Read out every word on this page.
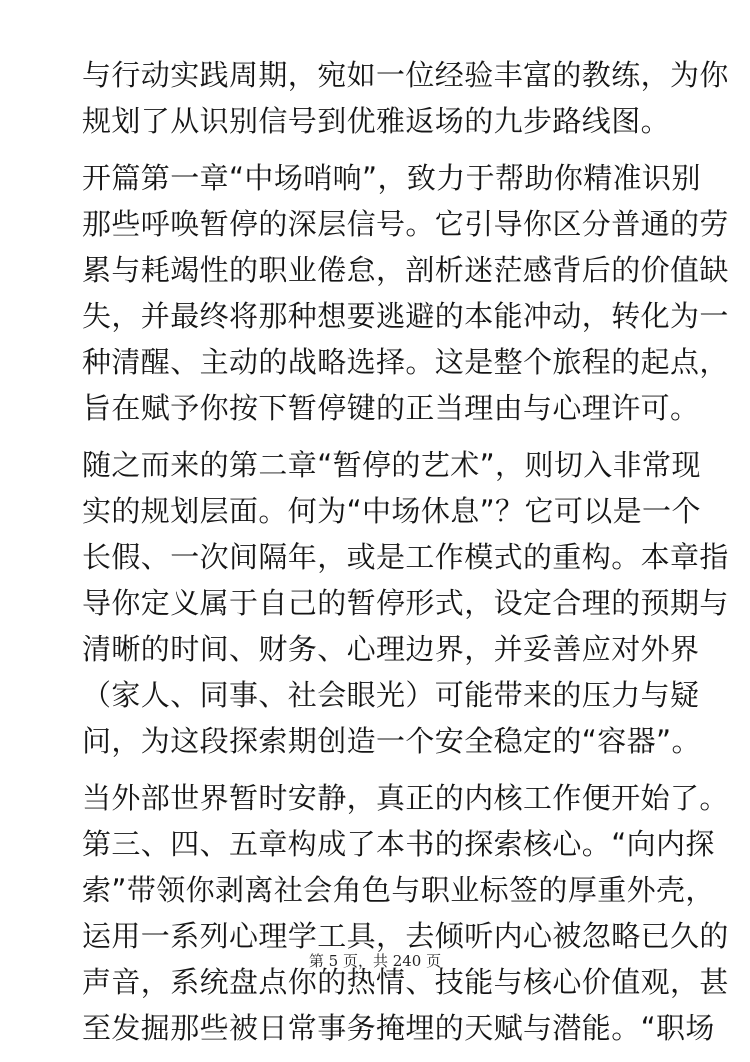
与行动实践周期，宛如一位经验丰富的教练，为你
规划了从识别信号到优雅返场的九步路线图。

开篇第一章“中场哨响”，致力于帮助你精准识别
那些呼唤暂停的深层信号。它引导你区分普通的劳
累与耗竭性的职业倦怠，剖析迷茫感背后的价值缺
失，并最终将那种想要逃避的本能冲动，转化为一
种清醒、主动的战略选择。这是整个旅程的起点，
旨在赋予你按下暂停键的正当理由与心理许可。

随之而来的第二章“暂停的艺术”，则切入非常现
实的规划层面。何为“中场休息”？它可以是一个
长假、一次间隔年，或是工作模式的重构。本章指
导你定义属于自己的暂停形式，设定合理的预期与
清晰的时间、财务、心理边界，并妥善应对外界
（家人、同事、社会眼光）可能带来的压力与疑
问，为这段探索期创造一个安全稳定的“容器”。

当外部世界暂时安静，真正的内核工作便开始了。
第三、四、五章构成了本书的探索核心。“向内探
索”带领你剥离社会角色与职业标签的厚重外壳，
运用一系列心理学工具，去倾听内心被忽略已久的
声音，系统盘点你的热情、技能与核心价值观，甚
至发掘那些被日常事务掩埋的天赋与潜能。“职场

第 5 页，共 240 页
